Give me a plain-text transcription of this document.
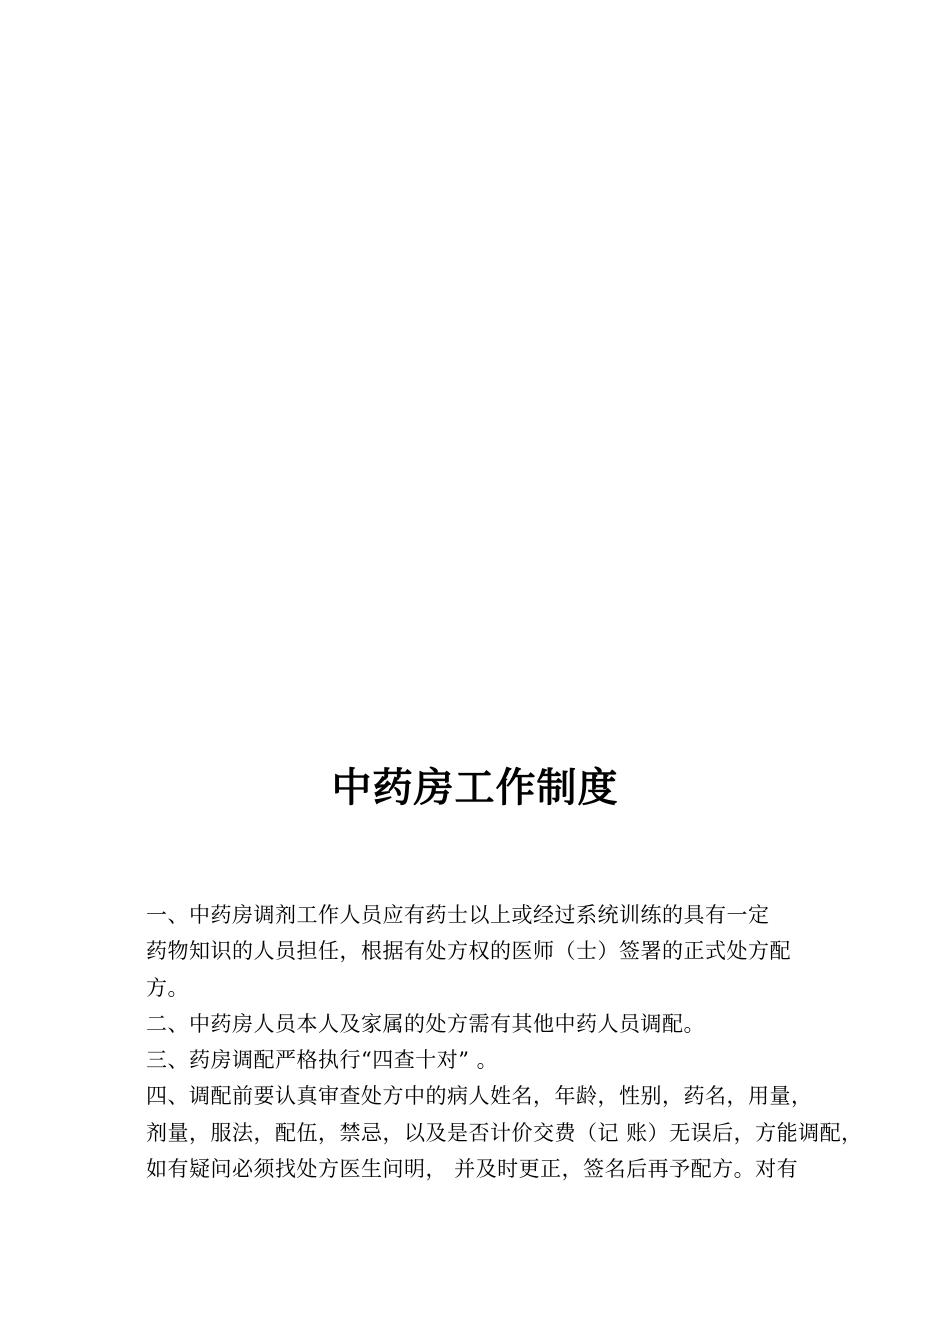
中药房工作制度
一、中药房调剂工作人员应有药士以上或经过系统训练的具有一定
药物知识的人员担任，根据有处方权的医师（士）签署的正式处方配
方。
二、中药房人员本人及家属的处方需有其他中药人员调配。
三、药房调配严格执行“四查十对” 。
四、调配前要认真审查处方中的病人姓名，年龄，性别，药名，用量，
剂量，服法，配伍，禁忌，以及是否计价交费（记 账）无误后，方能调配，
如有疑问必须找处方医生问明， 并及时更正，签名后再予配方。对有
